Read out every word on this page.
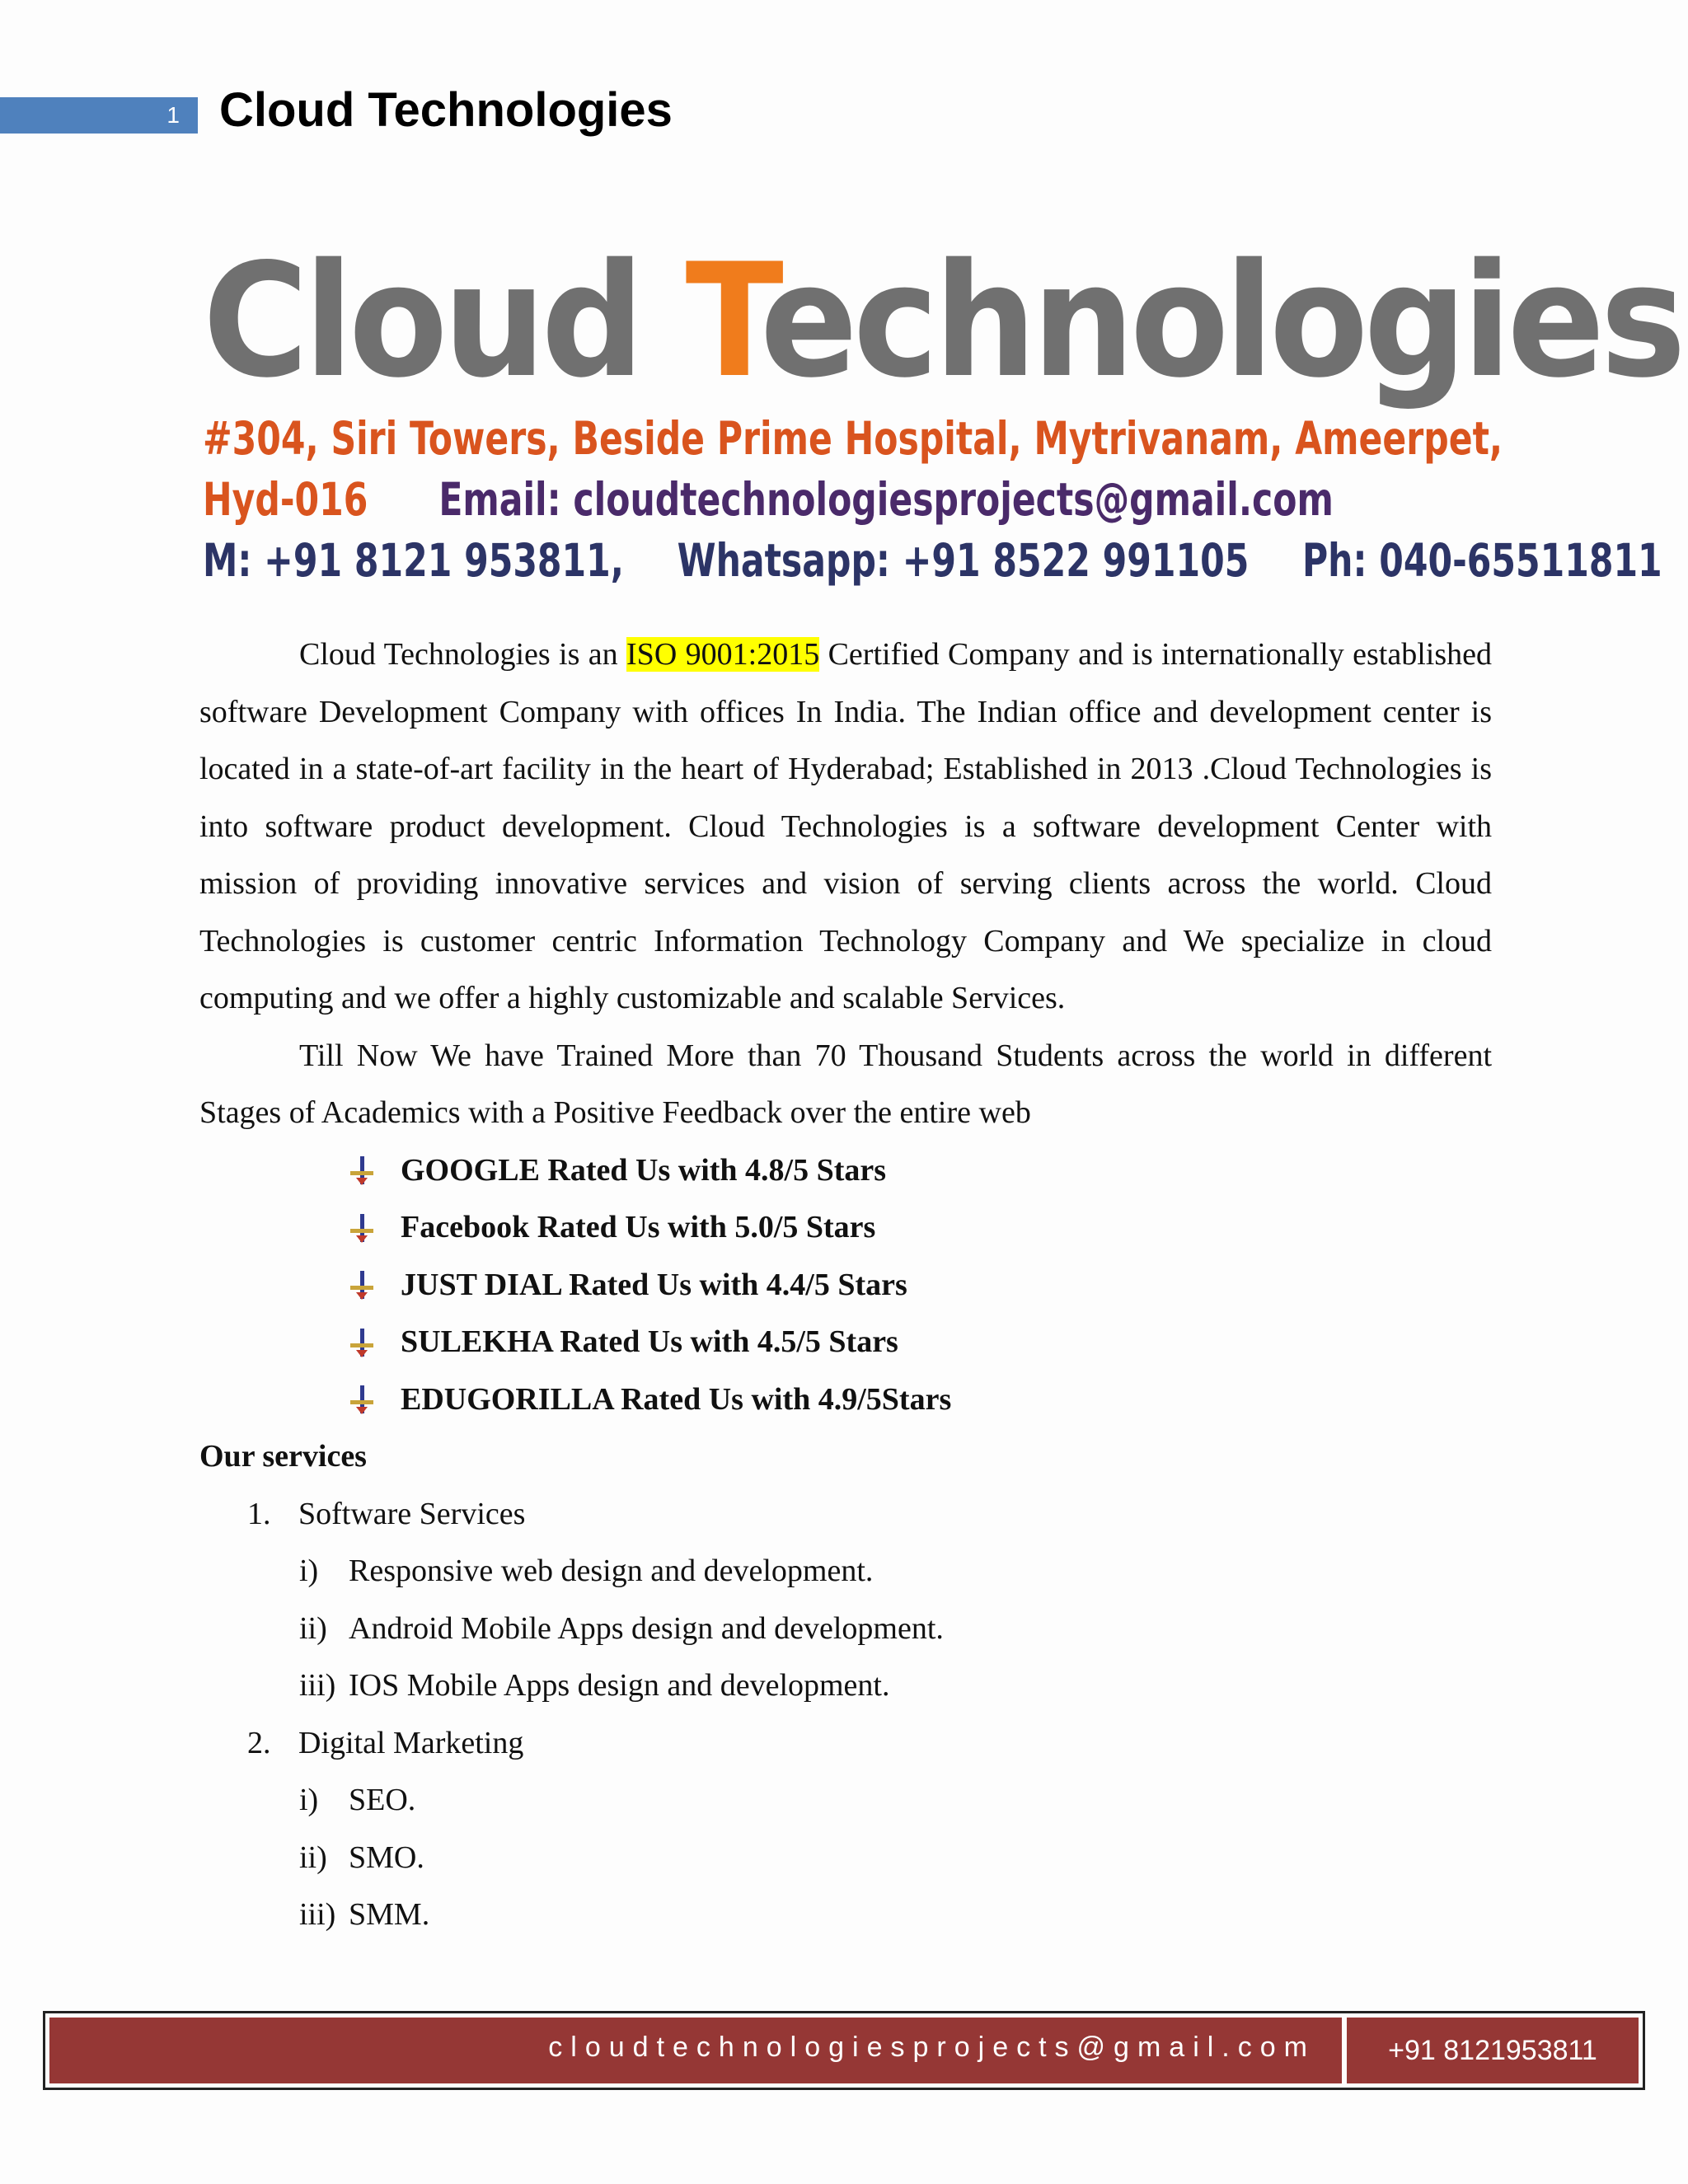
1 Cloud Technologies
Cloud Technologies
#304, Siri Towers, Beside Prime Hospital, Mytrivanam, Ameerpet,
Hyd-016 Email: cloudtechnologiesprojects@gmail.com
M: +91 8121 953811, Whatsapp: +91 8522 991105 Ph: 040-65511811

Cloud Technologies is an ISO 9001:2015 Certified Company and is internationally established software Development Company with offices In India. The Indian office and development center is located in a state-of-art facility in the heart of Hyderabad; Established in 2013 .Cloud Technologies is into software product development. Cloud Technologies is a software development Center with mission of providing innovative services and vision of serving clients across the world. Cloud Technologies is customer centric Information Technology Company and We specialize in cloud computing and we offer a highly customizable and scalable Services.

Till Now We have Trained More than 70 Thousand Students across the world in different Stages of Academics with a Positive Feedback over the entire web

GOOGLE Rated Us with 4.8/5 Stars
Facebook Rated Us with 5.0/5 Stars
JUST DIAL Rated Us with 4.4/5 Stars
SULEKHA Rated Us with 4.5/5 Stars
EDUGORILLA Rated Us with 4.9/5Stars
Our services
1. Software Services
i) Responsive web design and development.
ii) Android Mobile Apps design and development.
iii) IOS Mobile Apps design and development.
2. Digital Marketing
i) SEO.
ii) SMO.
iii) SMM.
cloudtechnologiesprojects@gmail.com	+91 8121953811
